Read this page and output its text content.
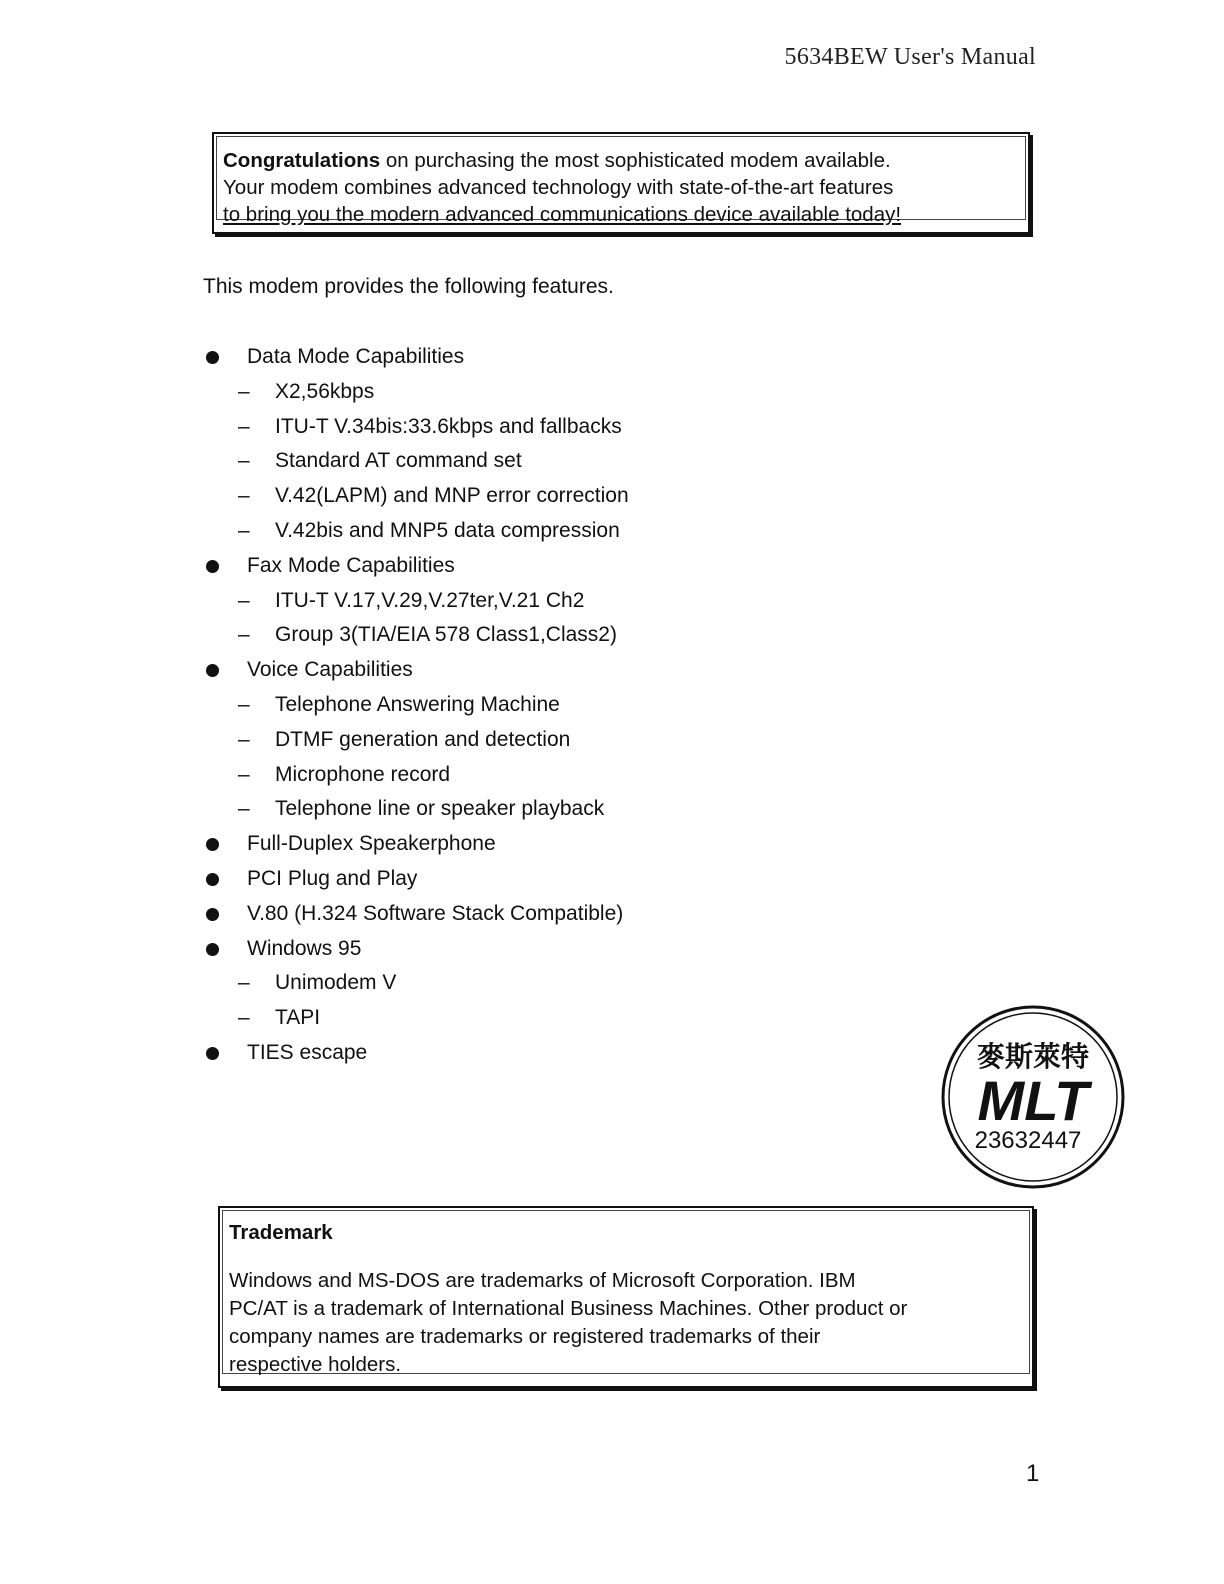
5634BEW User's Manual
Congratulations on purchasing the most sophisticated modem available.
Your modem combines advanced technology with state-of-the-art features
to bring you the modern advanced communications device available today!
This modem provides the following features.
Data Mode Capabilities
– X2,56kbps
– ITU-T V.34bis:33.6kbps and fallbacks
– Standard AT command set
– V.42(LAPM) and MNP error correction
– V.42bis and MNP5 data compression
Fax Mode Capabilities
– ITU-T V.17,V.29,V.27ter,V.21 Ch2
– Group 3(TIA/EIA 578 Class1,Class2)
Voice Capabilities
– Telephone Answering Machine
– DTMF generation and detection
– Microphone record
– Telephone line or speaker playback
Full-Duplex Speakerphone
PCI Plug and Play
V.80 (H.324 Software Stack Compatible)
Windows 95
– Unimodem V
– TAPI
TIES escape	麥斯萊特
MLT
23632447
Trademark
Windows and MS-DOS are trademarks of Microsoft Corporation. IBM
PC/AT is a trademark of International Business Machines. Other product or
company names are trademarks or registered trademarks of their
respective holders.
1
